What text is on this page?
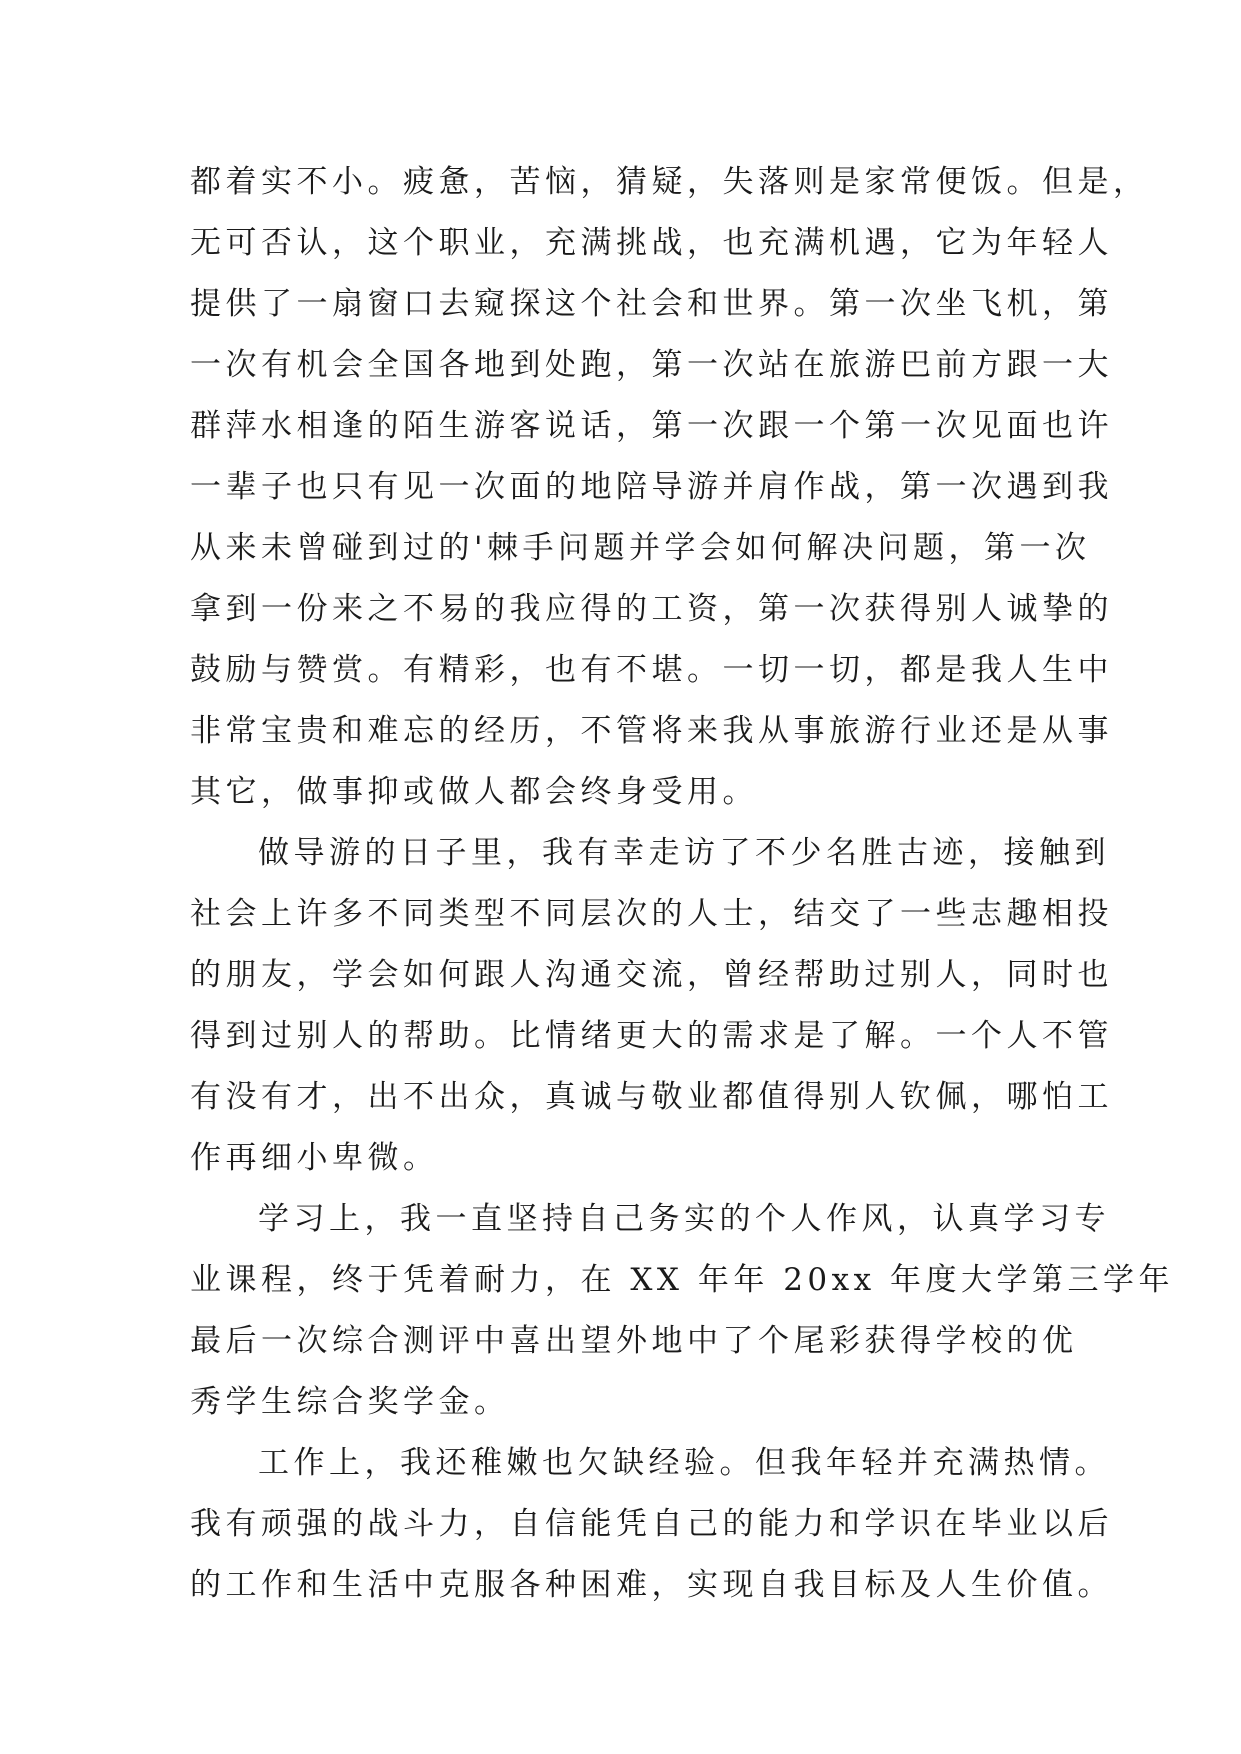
都着实不小。疲惫，苦恼，猜疑，失落则是家常便饭。但是，
无可否认，这个职业，充满挑战，也充满机遇，它为年轻人
提供了一扇窗口去窥探这个社会和世界。第一次坐飞机，第
一次有机会全国各地到处跑，第一次站在旅游巴前方跟一大
群萍水相逢的陌生游客说话，第一次跟一个第一次见面也许
一辈子也只有见一次面的地陪导游并肩作战，第一次遇到我
从来未曾碰到过的'棘手问题并学会如何解决问题，第一次
拿到一份来之不易的我应得的工资，第一次获得别人诚挚的
鼓励与赞赏。有精彩，也有不堪。一切一切，都是我人生中
非常宝贵和难忘的经历，不管将来我从事旅游行业还是从事
其它，做事抑或做人都会终身受用。
做导游的日子里，我有幸走访了不少名胜古迹，接触到
社会上许多不同类型不同层次的人士，结交了一些志趣相投
的朋友，学会如何跟人沟通交流，曾经帮助过别人，同时也
得到过别人的帮助。比情绪更大的需求是了解。一个人不管
有没有才，出不出众，真诚与敬业都值得别人钦佩，哪怕工
作再细小卑微。
学习上，我一直坚持自己务实的个人作风，认真学习专
业课程，终于凭着耐力，在 XX 年年 20xx 年度大学第三学年
最后一次综合测评中喜出望外地中了个尾彩获得学校的优
秀学生综合奖学金。
工作上，我还稚嫩也欠缺经验。但我年轻并充满热情。
我有顽强的战斗力，自信能凭自己的能力和学识在毕业以后
的工作和生活中克服各种困难，实现自我目标及人生价值。
